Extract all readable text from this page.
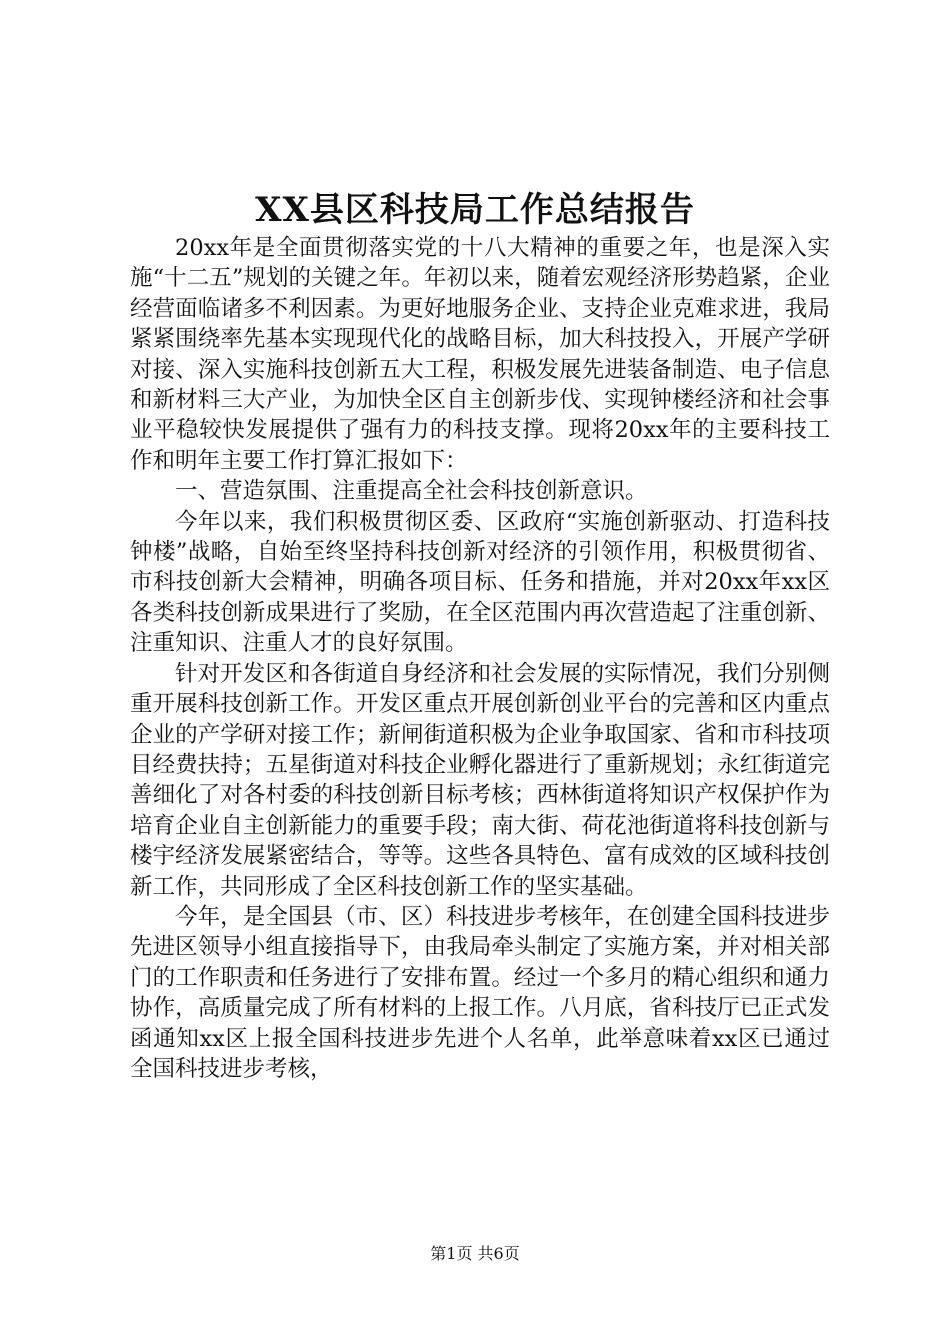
XX县区科技局工作总结报告

20xx年是全面贯彻落实党的十八大精神的重要之年，也是深入实施“十二五”规划的关键之年。年初以来，随着宏观经济形势趋紧，企业经营面临诸多不利因素。为更好地服务企业、支持企业克难求进，我局紧紧围绕率先基本实现现代化的战略目标，加大科技投入，开展产学研对接、深入实施科技创新五大工程，积极发展先进装备制造、电子信息和新材料三大产业，为加快全区自主创新步伐、实现钟楼经济和社会事业平稳较快发展提供了强有力的科技支撑。现将20xx年的主要科技工作和明年主要工作打算汇报如下：

一、营造氛围、注重提高全社会科技创新意识。

今年以来，我们积极贯彻区委、区政府“实施创新驱动、打造科技钟楼”战略，自始至终坚持科技创新对经济的引领作用，积极贯彻省、市科技创新大会精神，明确各项目标、任务和措施，并对20xx年xx区各类科技创新成果进行了奖励，在全区范围内再次营造起了注重创新、注重知识、注重人才的良好氛围。

针对开发区和各街道自身经济和社会发展的实际情况，我们分别侧重开展科技创新工作。开发区重点开展创新创业平台的完善和区内重点企业的产学研对接工作；新闸街道积极为企业争取国家、省和市科技项目经费扶持；五星街道对科技企业孵化器进行了重新规划；永红街道完善细化了对各村委的科技创新目标考核；西林街道将知识产权保护作为培育企业自主创新能力的重要手段；南大街、荷花池街道将科技创新与楼宇经济发展紧密结合，等等。这些各具特色、富有成效的区域科技创新工作，共同形成了全区科技创新工作的坚实基础。

今年，是全国县（市、区）科技进步考核年，在创建全国科技进步先进区领导小组直接指导下，由我局牵头制定了实施方案，并对相关部门的工作职责和任务进行了安排布置。经过一个多月的精心组织和通力协作，高质量完成了所有材料的上报工作。八月底，省科技厅已正式发函通知xx区上报全国科技进步先进个人名单，此举意味着xx区已通过全国科技进步考核，

第1页 共6页
